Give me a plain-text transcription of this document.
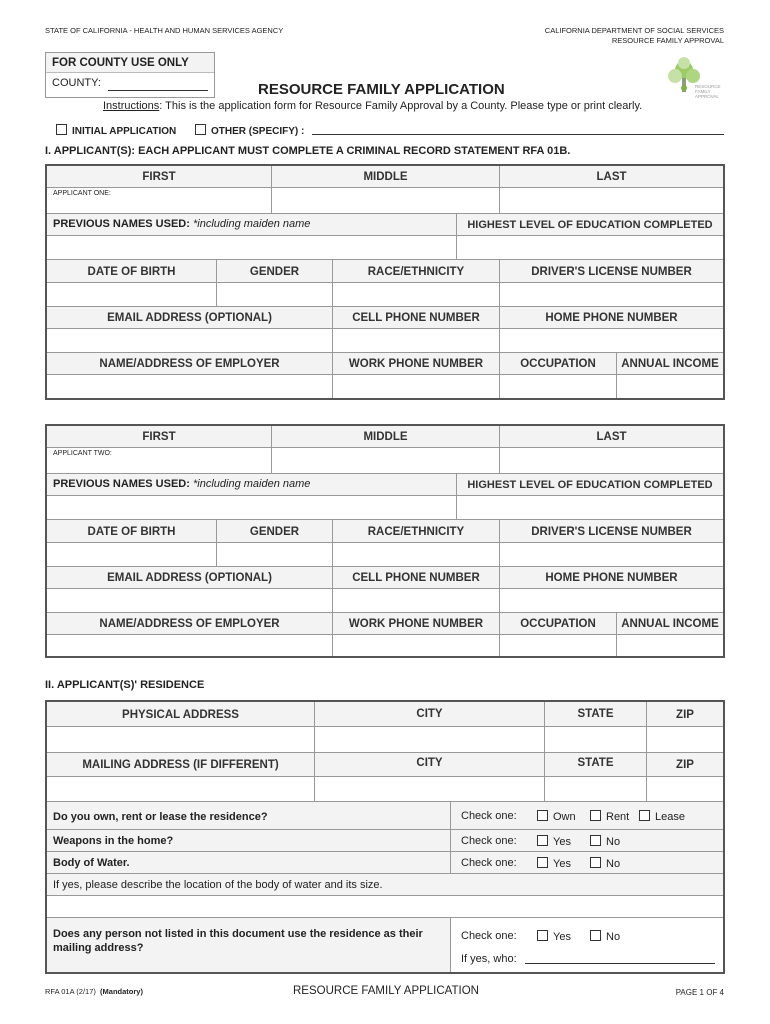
STATE OF CALIFORNIA - HEALTH AND HUMAN SERVICES AGENCY	CALIFORNIA DEPARTMENT OF SOCIAL SERVICES
RESOURCE FAMILY APPROVAL
FOR COUNTY USE ONLY
COUNTY:	RESOURCE FAMILY APPLICATION	RESOURCE
FAMILY
APPROVAL
Instructions: This is the application form for Resource Family Approval by a County. Please type or print clearly.
INITIAL APPLICATION	OTHER (SPECIFY) :
I. APPLICANT(S): EACH APPLICANT MUST COMPLETE A CRIMINAL RECORD STATEMENT RFA 01B.
FIRST	MIDDLE	LAST
APPLICANT ONE:
PREVIOUS NAMES USED: *including maiden name	HIGHEST LEVEL OF EDUCATION COMPLETED
DATE OF BIRTH	GENDER	RACE/ETHNICITY	DRIVER'S LICENSE NUMBER
EMAIL ADDRESS (OPTIONAL)	CELL PHONE NUMBER	HOME PHONE NUMBER
NAME/ADDRESS OF EMPLOYER	WORK PHONE NUMBER	OCCUPATION	ANNUAL INCOME
FIRST	MIDDLE	LAST
APPLICANT TWO:
PREVIOUS NAMES USED: *including maiden name	HIGHEST LEVEL OF EDUCATION COMPLETED
DATE OF BIRTH	GENDER	RACE/ETHNICITY	DRIVER'S LICENSE NUMBER
EMAIL ADDRESS (OPTIONAL)	CELL PHONE NUMBER	HOME PHONE NUMBER
NAME/ADDRESS OF EMPLOYER	WORK PHONE NUMBER	OCCUPATION	ANNUAL INCOME
II. APPLICANT(S)' RESIDENCE
PHYSICAL ADDRESS	CITY	STATE	ZIP
MAILING ADDRESS (IF DIFFERENT)	CITY	STATE	ZIP
Do you own, rent or lease the residence?	Check one:	Own	Rent	Lease
Weapons in the home?	Check one:	Yes	No
Body of Water.	Check one:	Yes	No
If yes, please describe the location of the body of water and its size.
Does any person not listed in this document use the residence as their mailing address?
Check one:	Yes	No
If yes, who:
RFA 01A (2/17) (Mandatory)	RESOURCE FAMILY APPLICATION	PAGE 1 OF 4
